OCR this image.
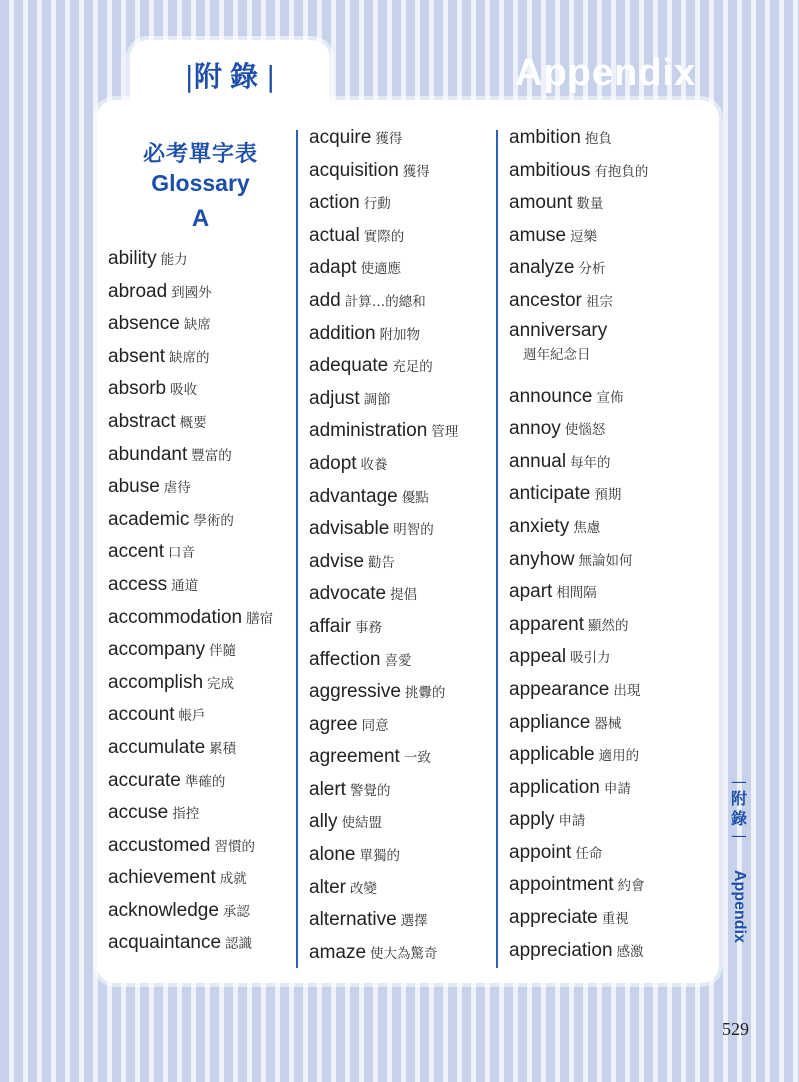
|附錄|	Appendix
必考單字表
Glossary
A
ability 能力
abroad 到國外
absence 缺席
absent 缺席的
absorb 吸收
abstract 概要
abundant 豐富的
abuse 虐待
academic 學術的
accent 口音
access 通道
accommodation 膳宿
accompany 伴隨
accomplish 完成
account 帳戶
accumulate 累積
accurate 準確的
accuse 指控
accustomed 習慣的
achievement 成就
acknowledge 承認
acquaintance 認識
acquire 獲得
acquisition 獲得
action 行動
actual 實際的
adapt 使適應
add 計算…的總和
addition 附加物
adequate 充足的
adjust 調節
administration 管理
adopt 收養
advantage 優點
advisable 明智的
advise 勸告
advocate 提倡
affair 事務
affection 喜愛
aggressive 挑釁的
agree 同意
agreement 一致
alert 警覺的
ally 使結盟
alone 單獨的
alter 改變
alternative 選擇
amaze 使大為驚奇
ambition 抱負
ambitious 有抱負的
amount 數量
amuse 逗樂
analyze 分析
ancestor 祖宗
anniversary
週年紀念日
announce 宣佈
annoy 使惱怒
annual 每年的
anticipate 預期
anxiety 焦慮
anyhow 無論如何
apart 相間隔
apparent 顯然的
appeal 吸引力
appearance 出現
appliance 器械
applicable 適用的
application 申請
apply 申請
appoint 任命
appointment 約會
appreciate 重視
appreciation 感激
—
附
錄
—
Appendix
529
